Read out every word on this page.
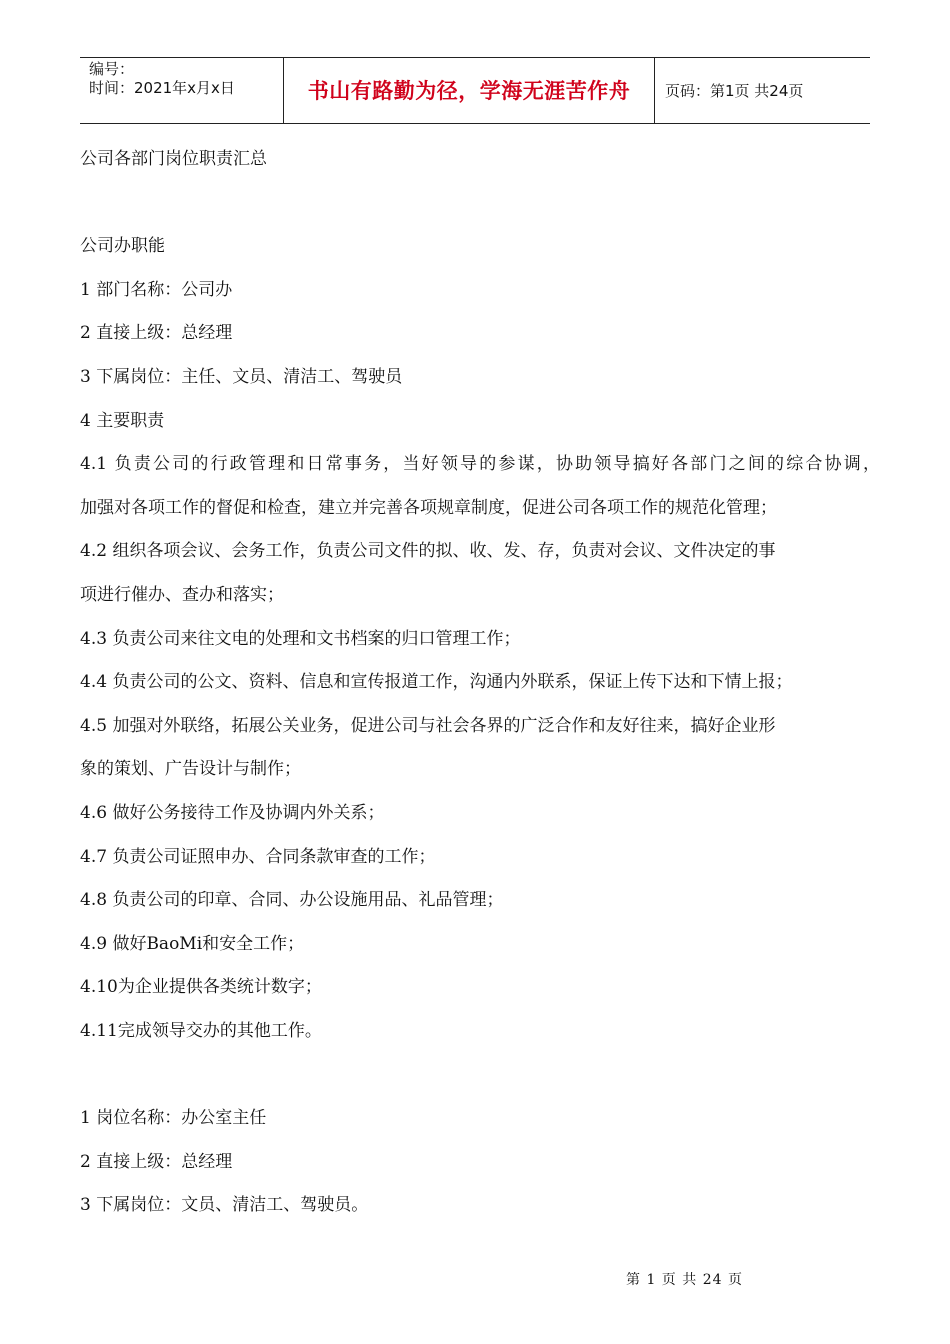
编号：
时间：2021年x月x日	书山有路勤为径，学海无涯苦作舟	页码：第1页 共24页
公司各部门岗位职责汇总
公司办职能
1 部门名称：公司办
2 直接上级：总经理
3 下属岗位：主任、文员、清洁工、驾驶员
4 主要职责
4.1 负责公司的行政管理和日常事务，当好领导的参谋，协助领导搞好各部门之间的综合协调，
加强对各项工作的督促和检查，建立并完善各项规章制度，促进公司各项工作的规范化管理；
4.2 组织各项会议、会务工作，负责公司文件的拟、收、发、存，负责对会议、文件决定的事
项进行催办、查办和落实；
4.3 负责公司来往文电的处理和文书档案的归口管理工作；
4.4 负责公司的公文、资料、信息和宣传报道工作，沟通内外联系，保证上传下达和下情上报；
4.5 加强对外联络，拓展公关业务，促进公司与社会各界的广泛合作和友好往来，搞好企业形
象的策划、广告设计与制作；
4.6 做好公务接待工作及协调内外关系；
4.7 负责公司证照申办、合同条款审查的工作；
4.8 负责公司的印章、合同、办公设施用品、礼品管理；
4.9 做好BaoMi和安全工作；
4.10为企业提供各类统计数字；
4.11完成领导交办的其他工作。
1 岗位名称：办公室主任
2 直接上级：总经理
3 下属岗位：文员、清洁工、驾驶员。
第 1 页 共 24 页
